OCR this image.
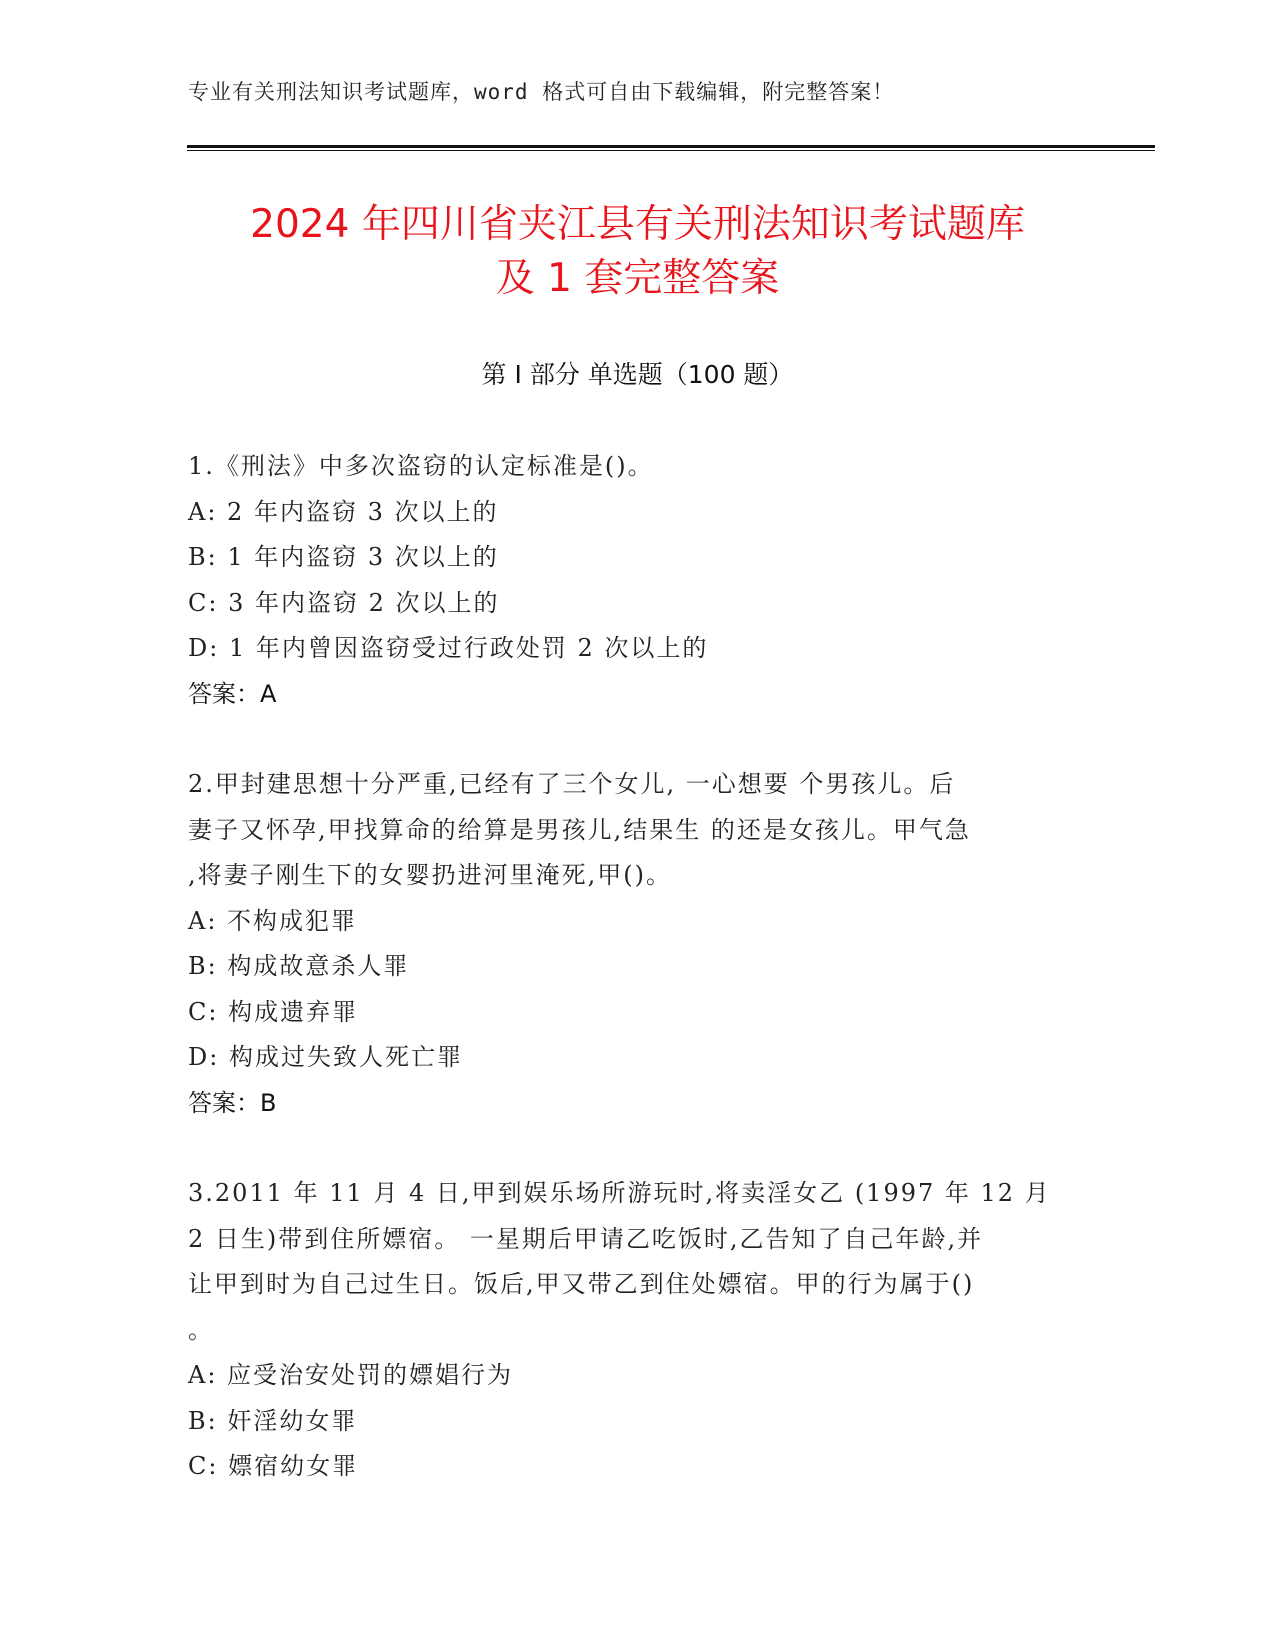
专业有关刑法知识考试题库，word 格式可自由下载编辑，附完整答案！
2024 年四川省夹江县有关刑法知识考试题库
及 1 套完整答案
第 I 部分 单选题（100 题）
1.《刑法》中多次盗窃的认定标准是()。
A: 2 年内盗窃 3 次以上的
B: 1 年内盗窃 3 次以上的
C: 3 年内盗窃 2 次以上的
D: 1 年内曾因盗窃受过行政处罚 2 次以上的
答案：A
2.甲封建思想十分严重,已经有了三个女儿, 一心想要 个男孩儿。后
妻子又怀孕,甲找算命的给算是男孩儿,结果生 的还是女孩儿。甲气急
,将妻子刚生下的女婴扔进河里淹死,甲()。
A: 不构成犯罪
B: 构成故意杀人罪
C: 构成遗弃罪
D: 构成过失致人死亡罪
答案：B
3.2011 年 11 月 4 日,甲到娱乐场所游玩时,将卖淫女乙 (1997 年 12 月
2 日生)带到住所嫖宿。 一星期后甲请乙吃饭时,乙告知了自己年龄,并
让甲到时为自己过生日。饭后,甲又带乙到住处嫖宿。甲的行为属于()
。
A: 应受治安处罚的嫖娼行为
B: 奸淫幼女罪
C: 嫖宿幼女罪
